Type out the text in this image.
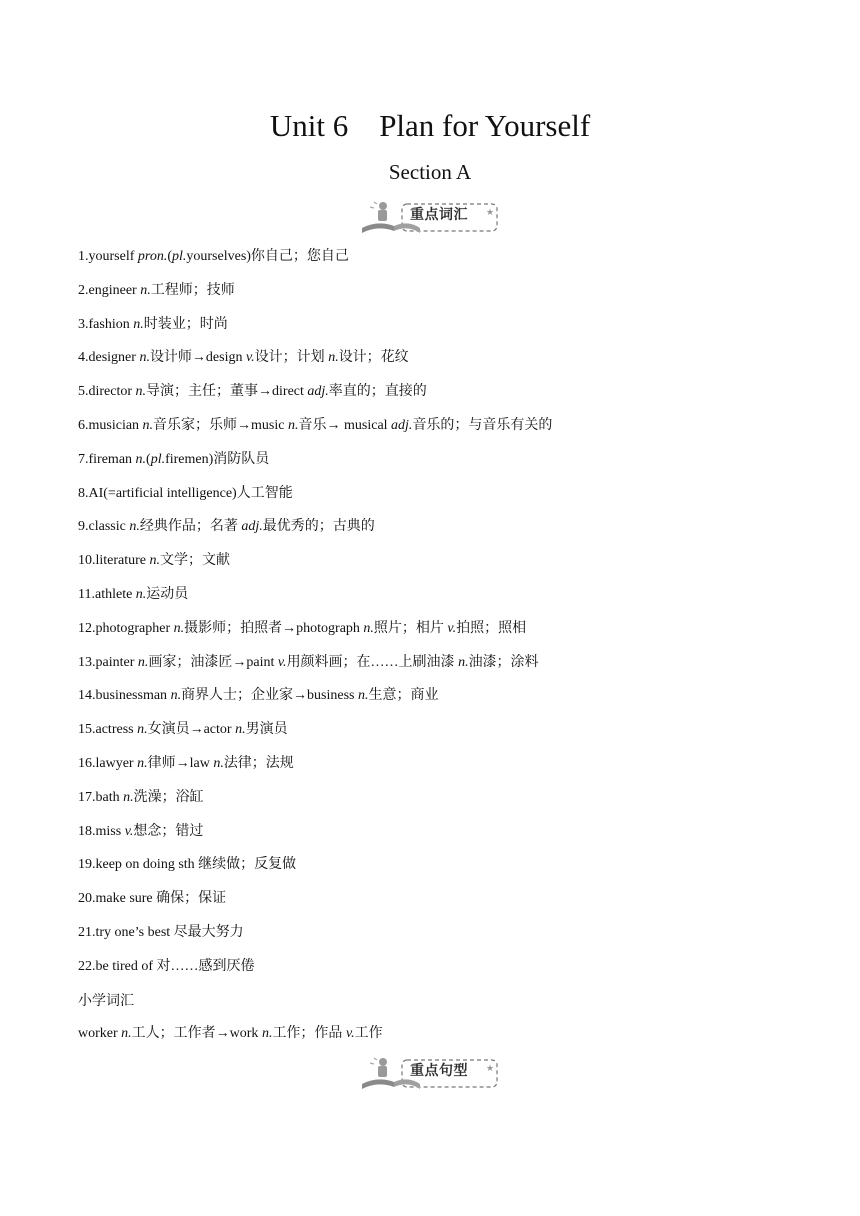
Unit 6    Plan for Yourself
Section A
★
重点词汇
1.yourself pron.(pl.yourselves)你自己；您自己
2.engineer n.工程师；技师
3.fashion n.时装业；时尚
4.designer n.设计师→design v.设计；计划 n.设计；花纹
5.director n.导演；主任；董事→direct adj.率直的；直接的
6.musician n.音乐家；乐师→music n.音乐→ musical adj.音乐的；与音乐有关的
7.fireman n.(pl.firemen)消防队员
8.AI(=artificial intelligence)人工智能
9.classic n.经典作品；名著 adj.最优秀的；古典的
10.literature n.文学；文献
11.athlete n.运动员
12.photographer n.摄影师；拍照者→photograph n.照片；相片 v.拍照；照相
13.painter n.画家；油漆匠→paint v.用颜料画；在……上刷油漆 n.油漆；涂料
14.businessman n.商界人士；企业家→business n.生意；商业
15.actress n.女演员→actor n.男演员
16.lawyer n.律师→law n.法律；法规
17.bath n.洗澡；浴缸
18.miss v.想念；错过
19.keep on doing sth 继续做；反复做
20.make sure 确保；保证
21.try one’s best 尽最大努力
22.be tired of 对……感到厌倦
小学词汇
worker n.工人；工作者→work n.工作；作品 v.工作
★
重点句型
